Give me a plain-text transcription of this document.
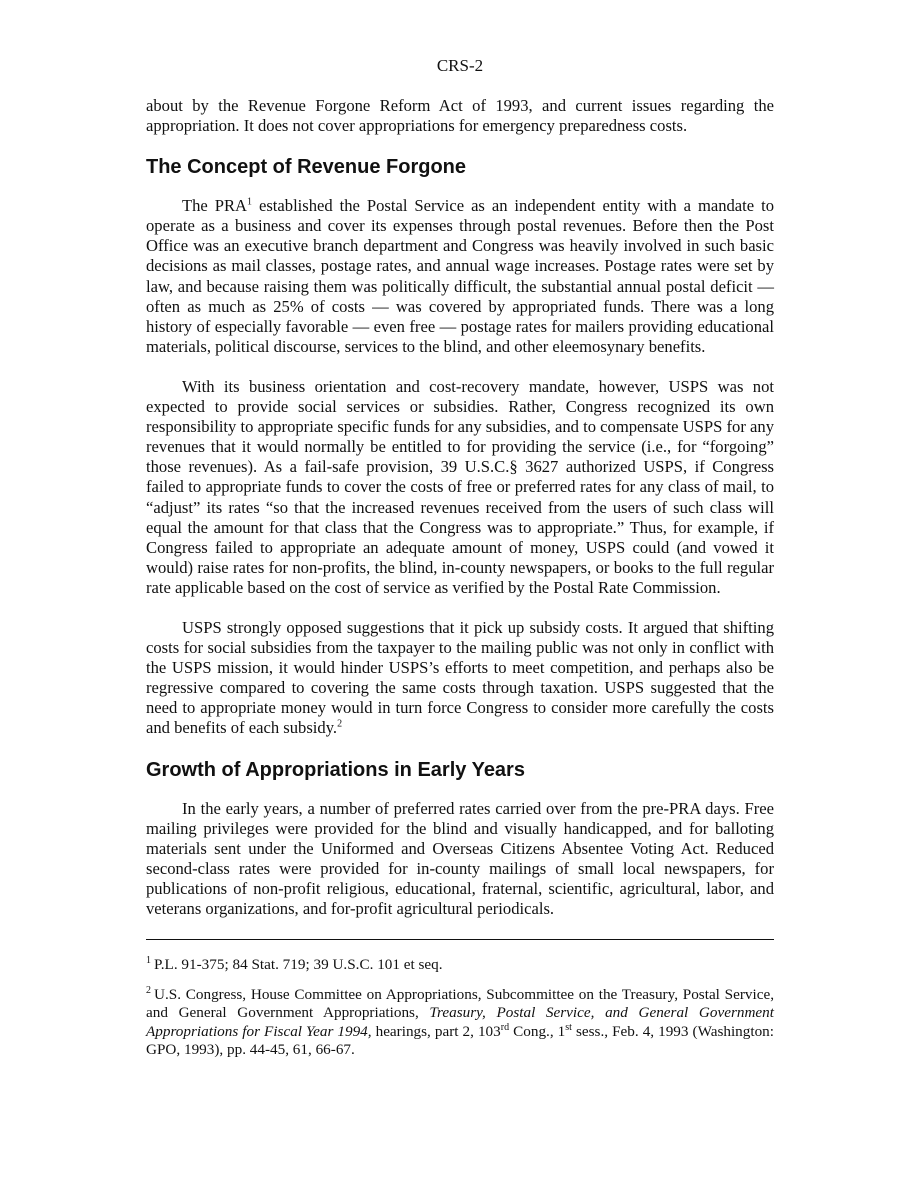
CRS-2

about by the Revenue Forgone Reform Act of 1993, and current issues regarding the appropriation. It does not cover appropriations for emergency preparedness costs.

The Concept of Revenue Forgone

The PRA$^1$ established the Postal Service as an independent entity with a mandate to operate as a business and cover its expenses through postal revenues. Before then the Post Office was an executive branch department and Congress was heavily involved in such basic decisions as mail classes, postage rates, and annual wage increases. Postage rates were set by law, and because raising them was politically difficult, the substantial annual postal deficit — often as much as 25% of costs — was covered by appropriated funds. There was a long history of especially favorable — even free — postage rates for mailers providing educational materials, political discourse, services to the blind, and other eleemosynary benefits.

With its business orientation and cost-recovery mandate, however, USPS was not expected to provide social services or subsidies. Rather, Congress recognized its own responsibility to appropriate specific funds for any subsidies, and to compensate USPS for any revenues that it would normally be entitled to for providing the service (i.e., for “forgoing” those revenues). As a fail-safe provision, 39 U.S.C.§ 3627 authorized USPS, if Congress failed to appropriate funds to cover the costs of free or preferred rates for any class of mail, to “adjust” its rates “so that the increased revenues received from the users of such class will equal the amount for that class that the Congress was to appropriate.” Thus, for example, if Congress failed to appropriate an adequate amount of money, USPS could (and vowed it would) raise rates for non-profits, the blind, in-county newspapers, or books to the full regular rate applicable based on the cost of service as verified by the Postal Rate Commission.

USPS strongly opposed suggestions that it pick up subsidy costs. It argued that shifting costs for social subsidies from the taxpayer to the mailing public was not only in conflict with the USPS mission, it would hinder USPS’s efforts to meet competition, and perhaps also be regressive compared to covering the same costs through taxation. USPS suggested that the need to appropriate money would in turn force Congress to consider more carefully the costs and benefits of each subsidy.$^2$

Growth of Appropriations in Early Years

In the early years, a number of preferred rates carried over from the pre-PRA days. Free mailing privileges were provided for the blind and visually handicapped, and for balloting materials sent under the Uniformed and Overseas Citizens Absentee Voting Act. Reduced second-class rates were provided for in-county mailings of small local newspapers, for publications of non-profit religious, educational, fraternal, scientific, agricultural, labor, and veterans organizations, and for-profit agricultural periodicals.

$^1$ P.L. 91-375; 84 Stat. 719; 39 U.S.C. 101 et seq.

$^2$ U.S. Congress, House Committee on Appropriations, Subcommittee on the Treasury, Postal Service, and General Government Appropriations, Treasury, Postal Service, and General Government Appropriations for Fiscal Year 1994, hearings, part 2, 103rd Cong., 1st sess., Feb. 4, 1993 (Washington: GPO, 1993), pp. 44-45, 61, 66-67.
